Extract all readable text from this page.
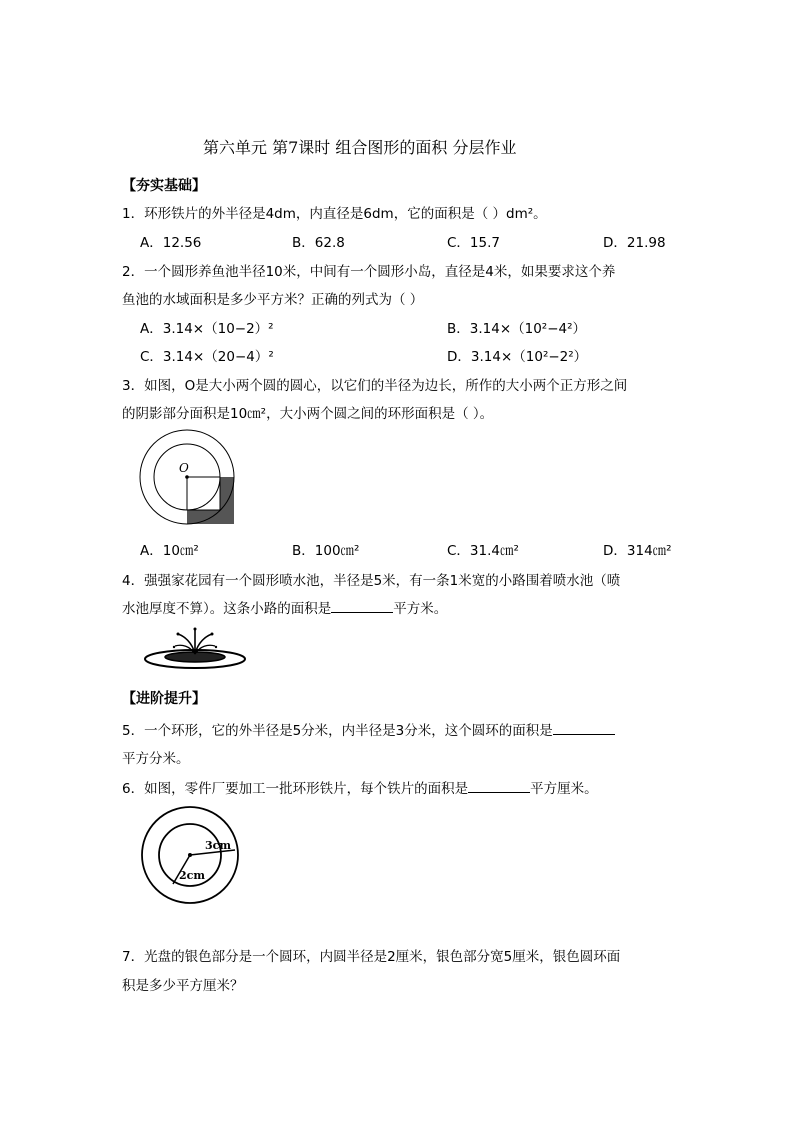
第六单元 第7课时 组合图形的面积 分层作业
【夯实基础】
1．环形铁片的外半径是4dm，内直径是6dm，它的面积是（ ）dm²。
A．12.56	B．62.8	C．15.7	D．21.98
2．一个圆形养鱼池半径10米，中间有一个圆形小岛，直径是4米，如果要求这个养
鱼池的水域面积是多少平方米？正确的列式为（ ）
A．3.14×（10−2）²	B．3.14×（10²−4²）
C．3.14×（20−4）²	D．3.14×（10²−2²）
3．如图，O是大小两个圆的圆心，以它们的半径为边长，所作的大小两个正方形之间
的阴影部分面积是10㎝²，大小两个圆之间的环形面积是（ ）。
O
A．10㎝²	B．100㎝²	C．31.4㎝²	D．314㎝²
4．强强家花园有一个圆形喷水池，半径是5米，有一条1米宽的小路围着喷水池（喷
水池厚度不算）。这条小路的面积是	平方米。
【进阶提升】
5．一个环形，它的外半径是5分米，内半径是3分米，这个圆环的面积是
平方分米。
6．如图，零件厂要加工一批环形铁片，每个铁片的面积是	平方厘米。
3cm
2cm
7．光盘的银色部分是一个圆环，内圆半径是2厘米，银色部分宽5厘米，银色圆环面
积是多少平方厘米？
